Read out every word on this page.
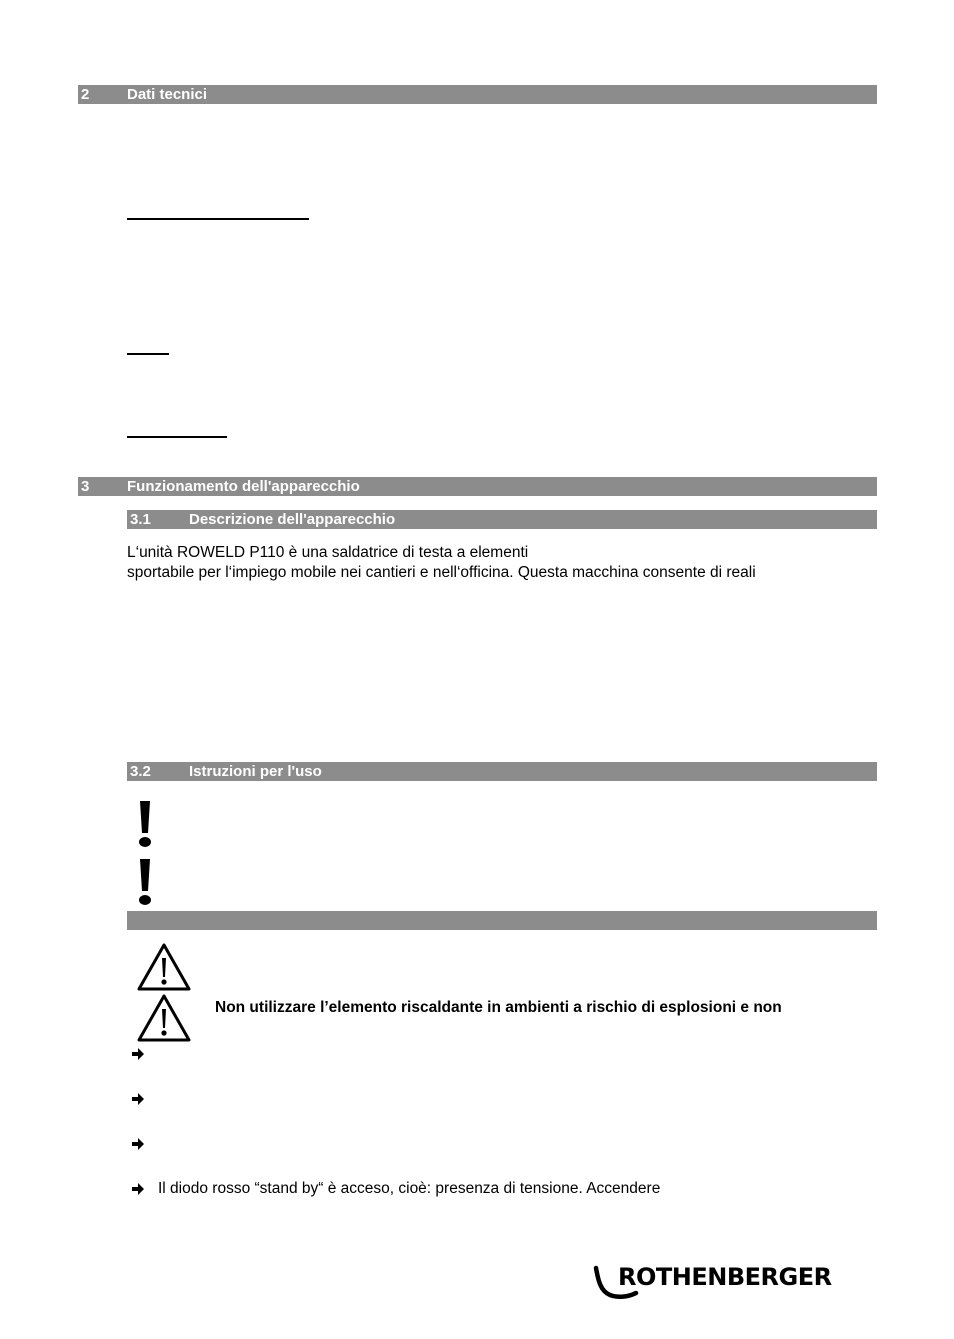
2	Dati tecnici
3	Funzionamento dell'apparecchio
3.1	Descrizione dell'apparecchio
L‘unità ROWELD P110 è una saldatrice di testa a elementi
sportabile per l‘impiego mobile nei cantieri e nell‘officina. Questa macchina consente di reali
3.2	Istruzioni per l'uso
Non utilizzare l’elemento riscaldante in ambienti a rischio di esplosioni e non
Il diodo rosso “stand by“ è acceso, cioè: presenza di tensione. Accendere
ROTHENBERGER
